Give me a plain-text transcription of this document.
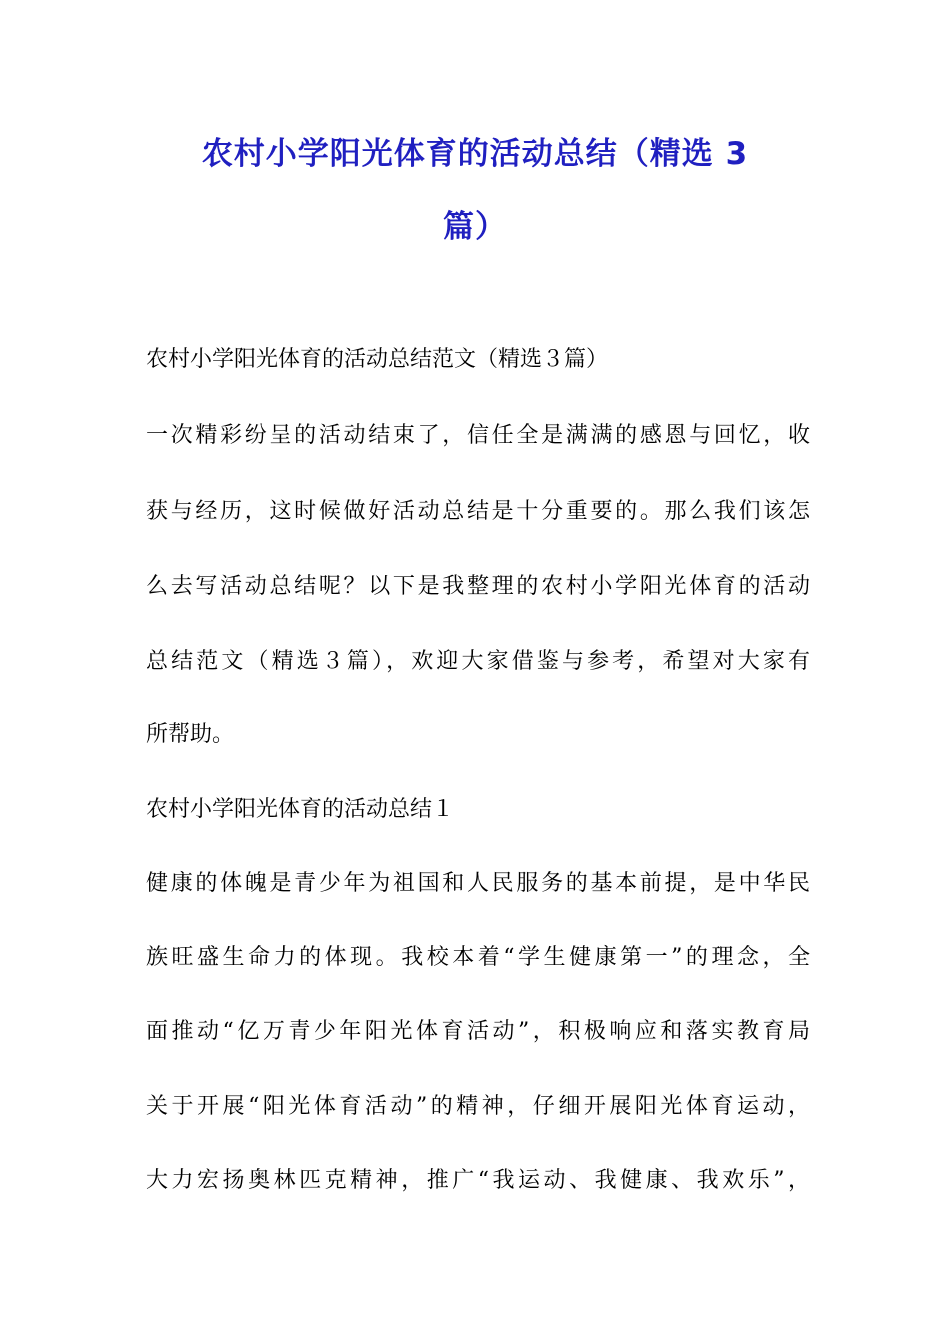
农村小学阳光体育的活动总结（精选 3
篇）

农村小学阳光体育的活动总结范文（精选３篇）

一次精彩纷呈的活动结束了，信任全是满满的感恩与回忆，收

获与经历，这时候做好活动总结是十分重要的。那么我们该怎

么去写活动总结呢？以下是我整理的农村小学阳光体育的活动

总结范文（精选３篇），欢迎大家借鉴与参考，希望对大家有

所帮助。

农村小学阳光体育的活动总结１

健康的体魄是青少年为祖国和人民服务的基本前提，是中华民

族旺盛生命力的体现。我校本着“学生健康第一”的理念，全

面推动“亿万青少年阳光体育活动”，积极响应和落实教育局

关于开展“阳光体育活动”的精神，仔细开展阳光体育运动，

大力宏扬奥林匹克精神，推广“我运动、我健康、我欢乐”，
